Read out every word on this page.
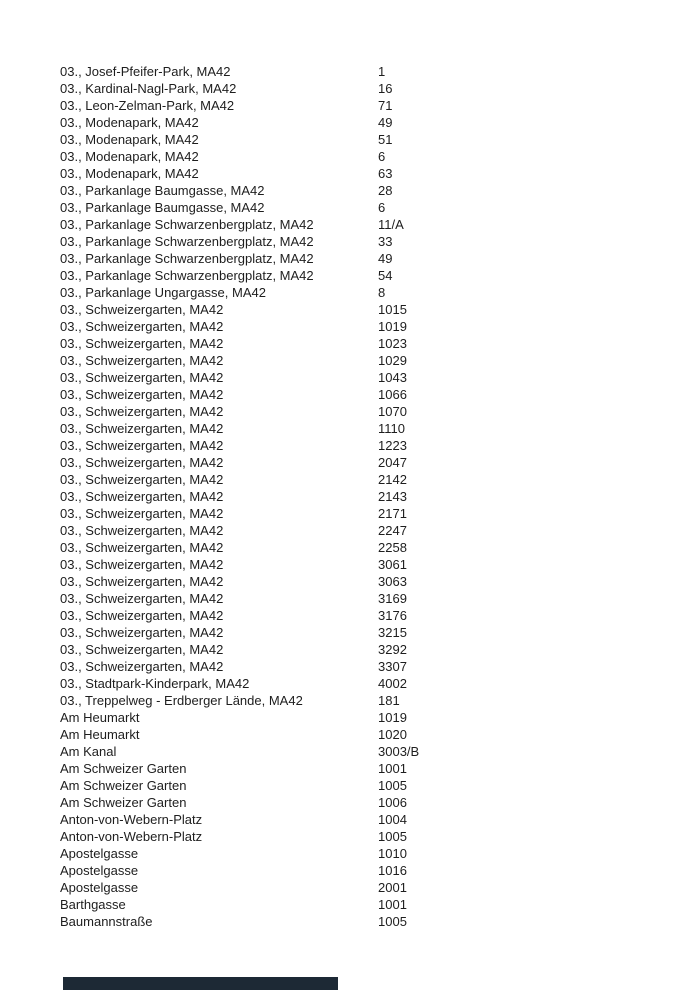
03., Josef-Pfeifer-Park, MA42	1
03., Kardinal-Nagl-Park, MA42	16
03., Leon-Zelman-Park, MA42	71
03., Modenapark, MA42	49
03., Modenapark, MA42	51
03., Modenapark, MA42	6
03., Modenapark, MA42	63
03., Parkanlage Baumgasse, MA42	28
03., Parkanlage Baumgasse, MA42	6
03., Parkanlage Schwarzenbergplatz, MA42	11/A
03., Parkanlage Schwarzenbergplatz, MA42	33
03., Parkanlage Schwarzenbergplatz, MA42	49
03., Parkanlage Schwarzenbergplatz, MA42	54
03., Parkanlage Ungargasse, MA42	8
03., Schweizergarten, MA42	1015
03., Schweizergarten, MA42	1019
03., Schweizergarten, MA42	1023
03., Schweizergarten, MA42	1029
03., Schweizergarten, MA42	1043
03., Schweizergarten, MA42	1066
03., Schweizergarten, MA42	1070
03., Schweizergarten, MA42	1110
03., Schweizergarten, MA42	1223
03., Schweizergarten, MA42	2047
03., Schweizergarten, MA42	2142
03., Schweizergarten, MA42	2143
03., Schweizergarten, MA42	2171
03., Schweizergarten, MA42	2247
03., Schweizergarten, MA42	2258
03., Schweizergarten, MA42	3061
03., Schweizergarten, MA42	3063
03., Schweizergarten, MA42	3169
03., Schweizergarten, MA42	3176
03., Schweizergarten, MA42	3215
03., Schweizergarten, MA42	3292
03., Schweizergarten, MA42	3307
03., Stadtpark-Kinderpark, MA42	4002
03., Treppelweg - Erdberger Lände, MA42	181
Am Heumarkt	1019
Am Heumarkt	1020
Am Kanal	3003/B
Am Schweizer Garten	1001
Am Schweizer Garten	1005
Am Schweizer Garten	1006
Anton-von-Webern-Platz	1004
Anton-von-Webern-Platz	1005
Apostelgasse	1010
Apostelgasse	1016
Apostelgasse	2001
Barthgasse	1001
Baumannstraße	1005
